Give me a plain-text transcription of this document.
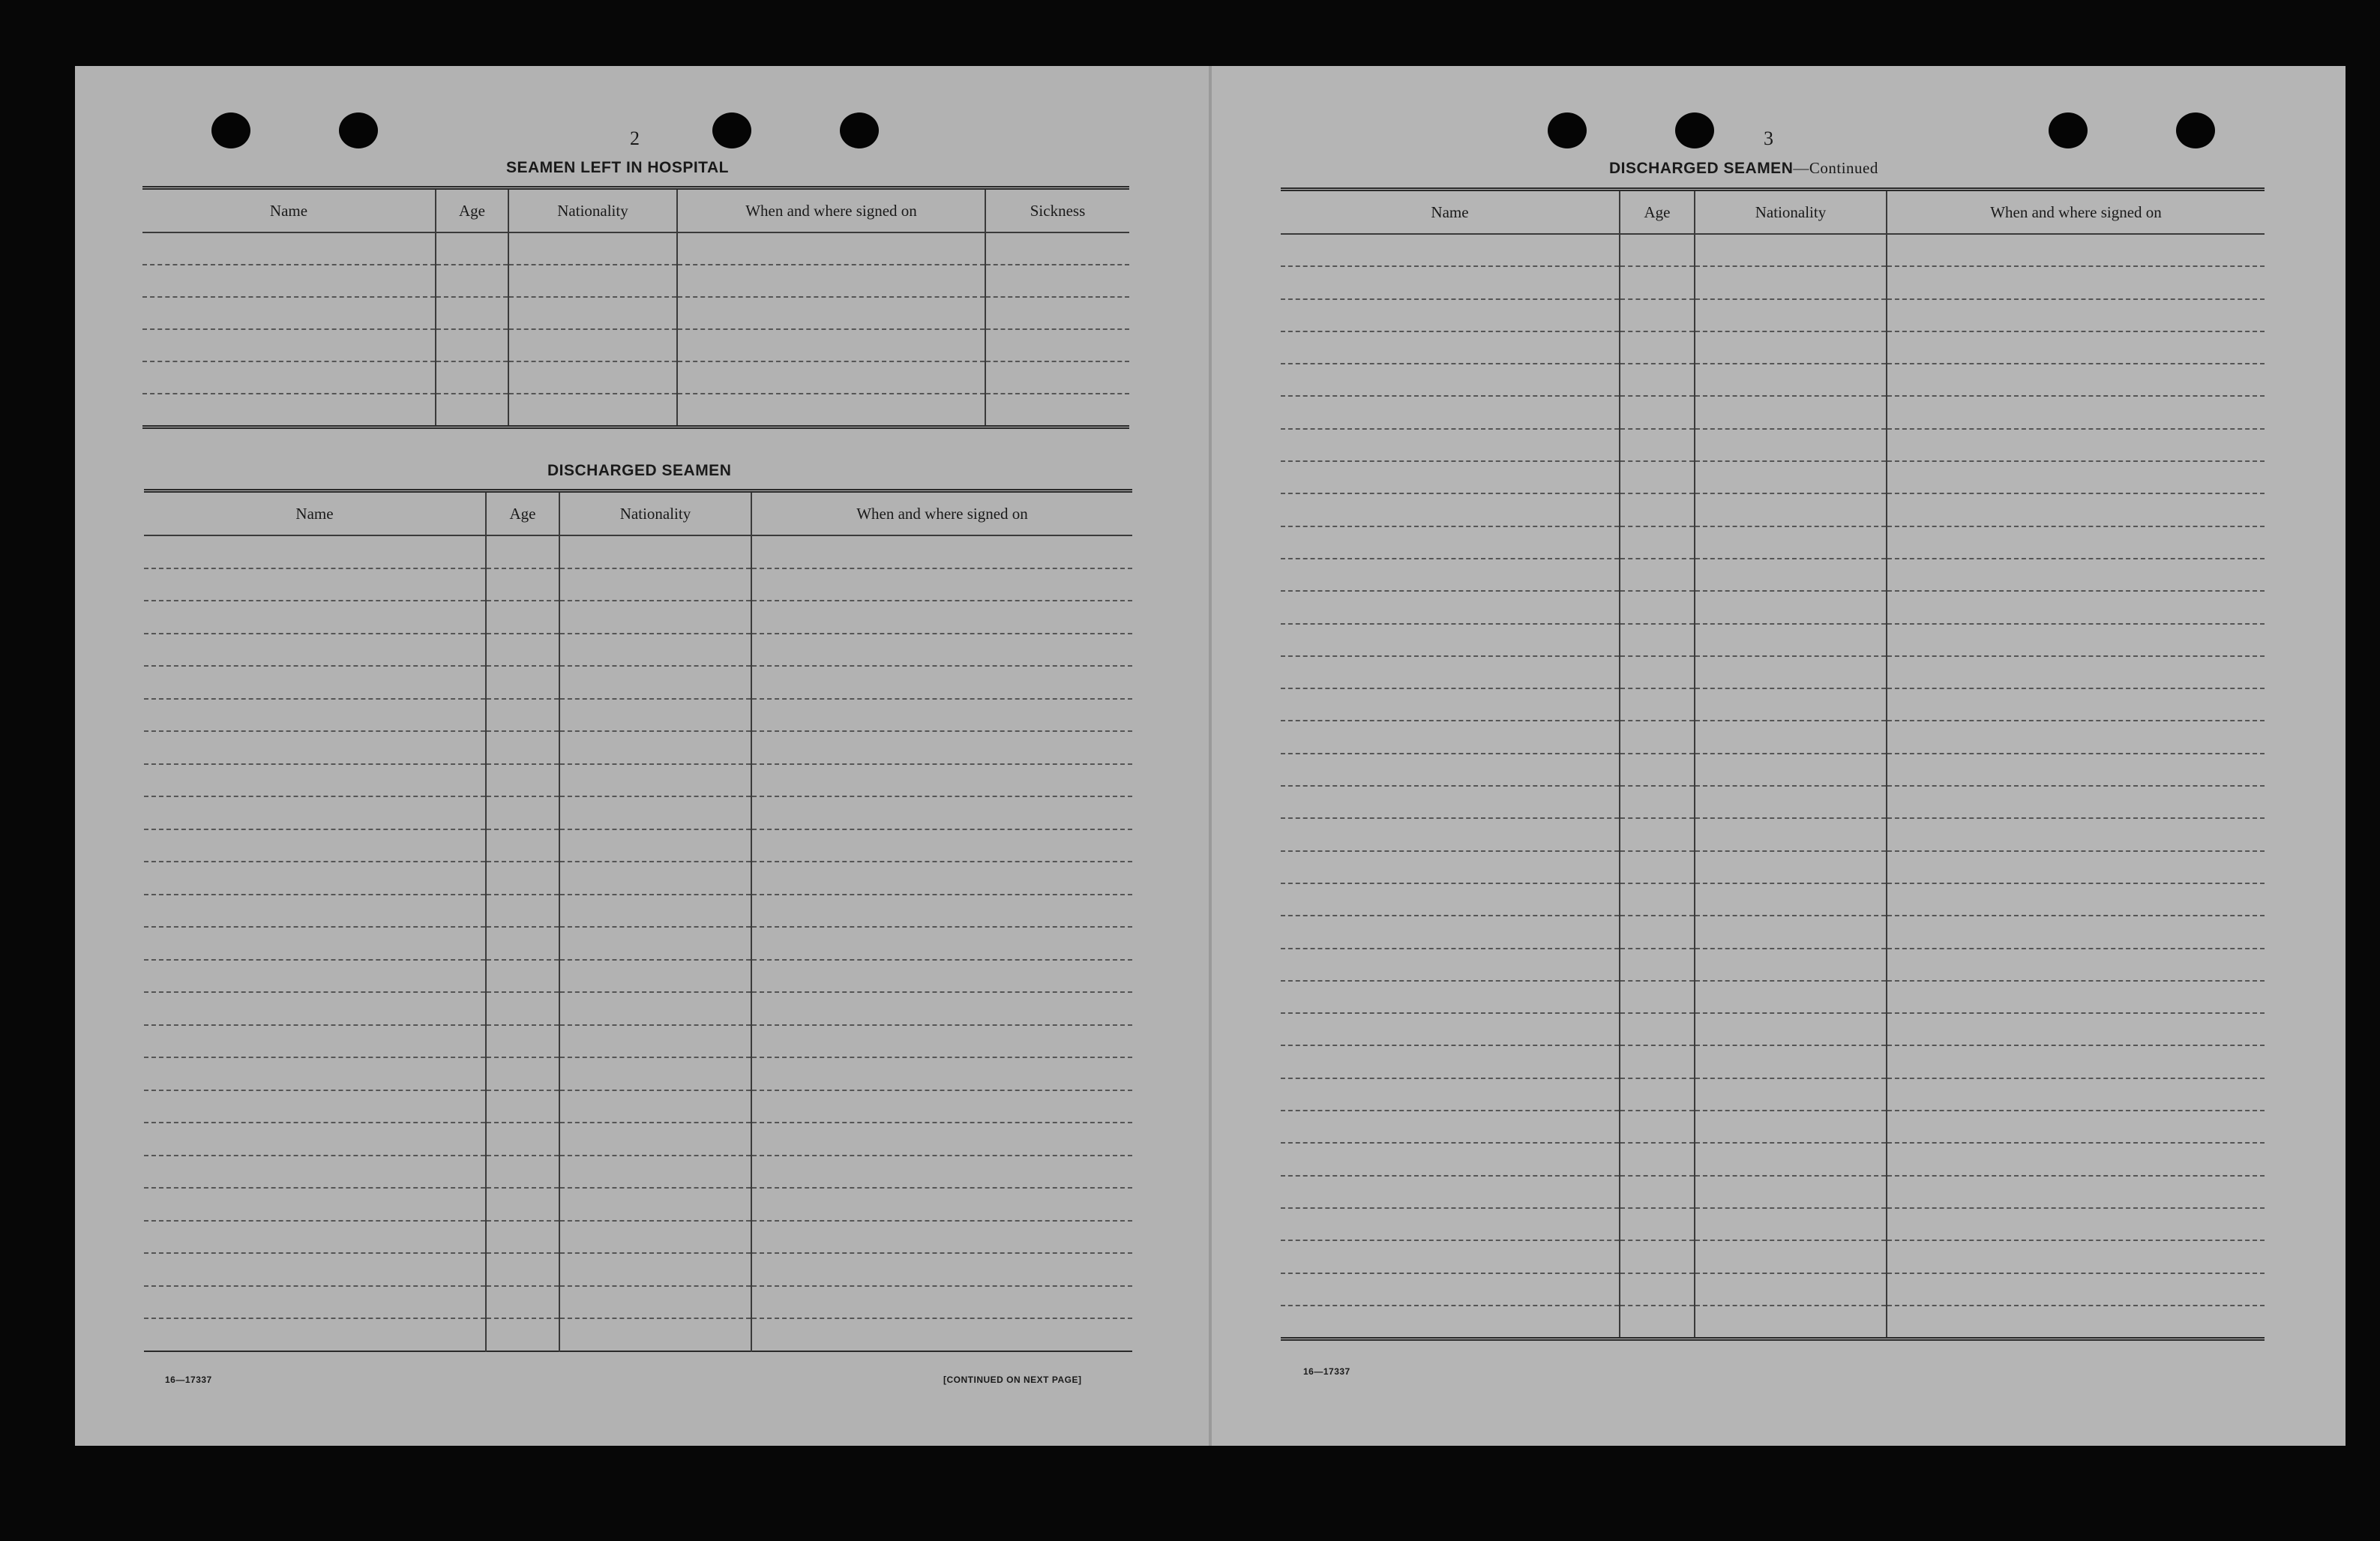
2
SEAMEN LEFT IN HOSPITAL
Name	Age	Nationality	When and where signed on	Sickness

DISCHARGED SEAMEN
Name	Age	Nationality	When and where signed on

16—17337	[CONTINUED ON NEXT PAGE]
3
DISCHARGED SEAMEN—Continued
Name	Age	Nationality	When and where signed on

16—17337
